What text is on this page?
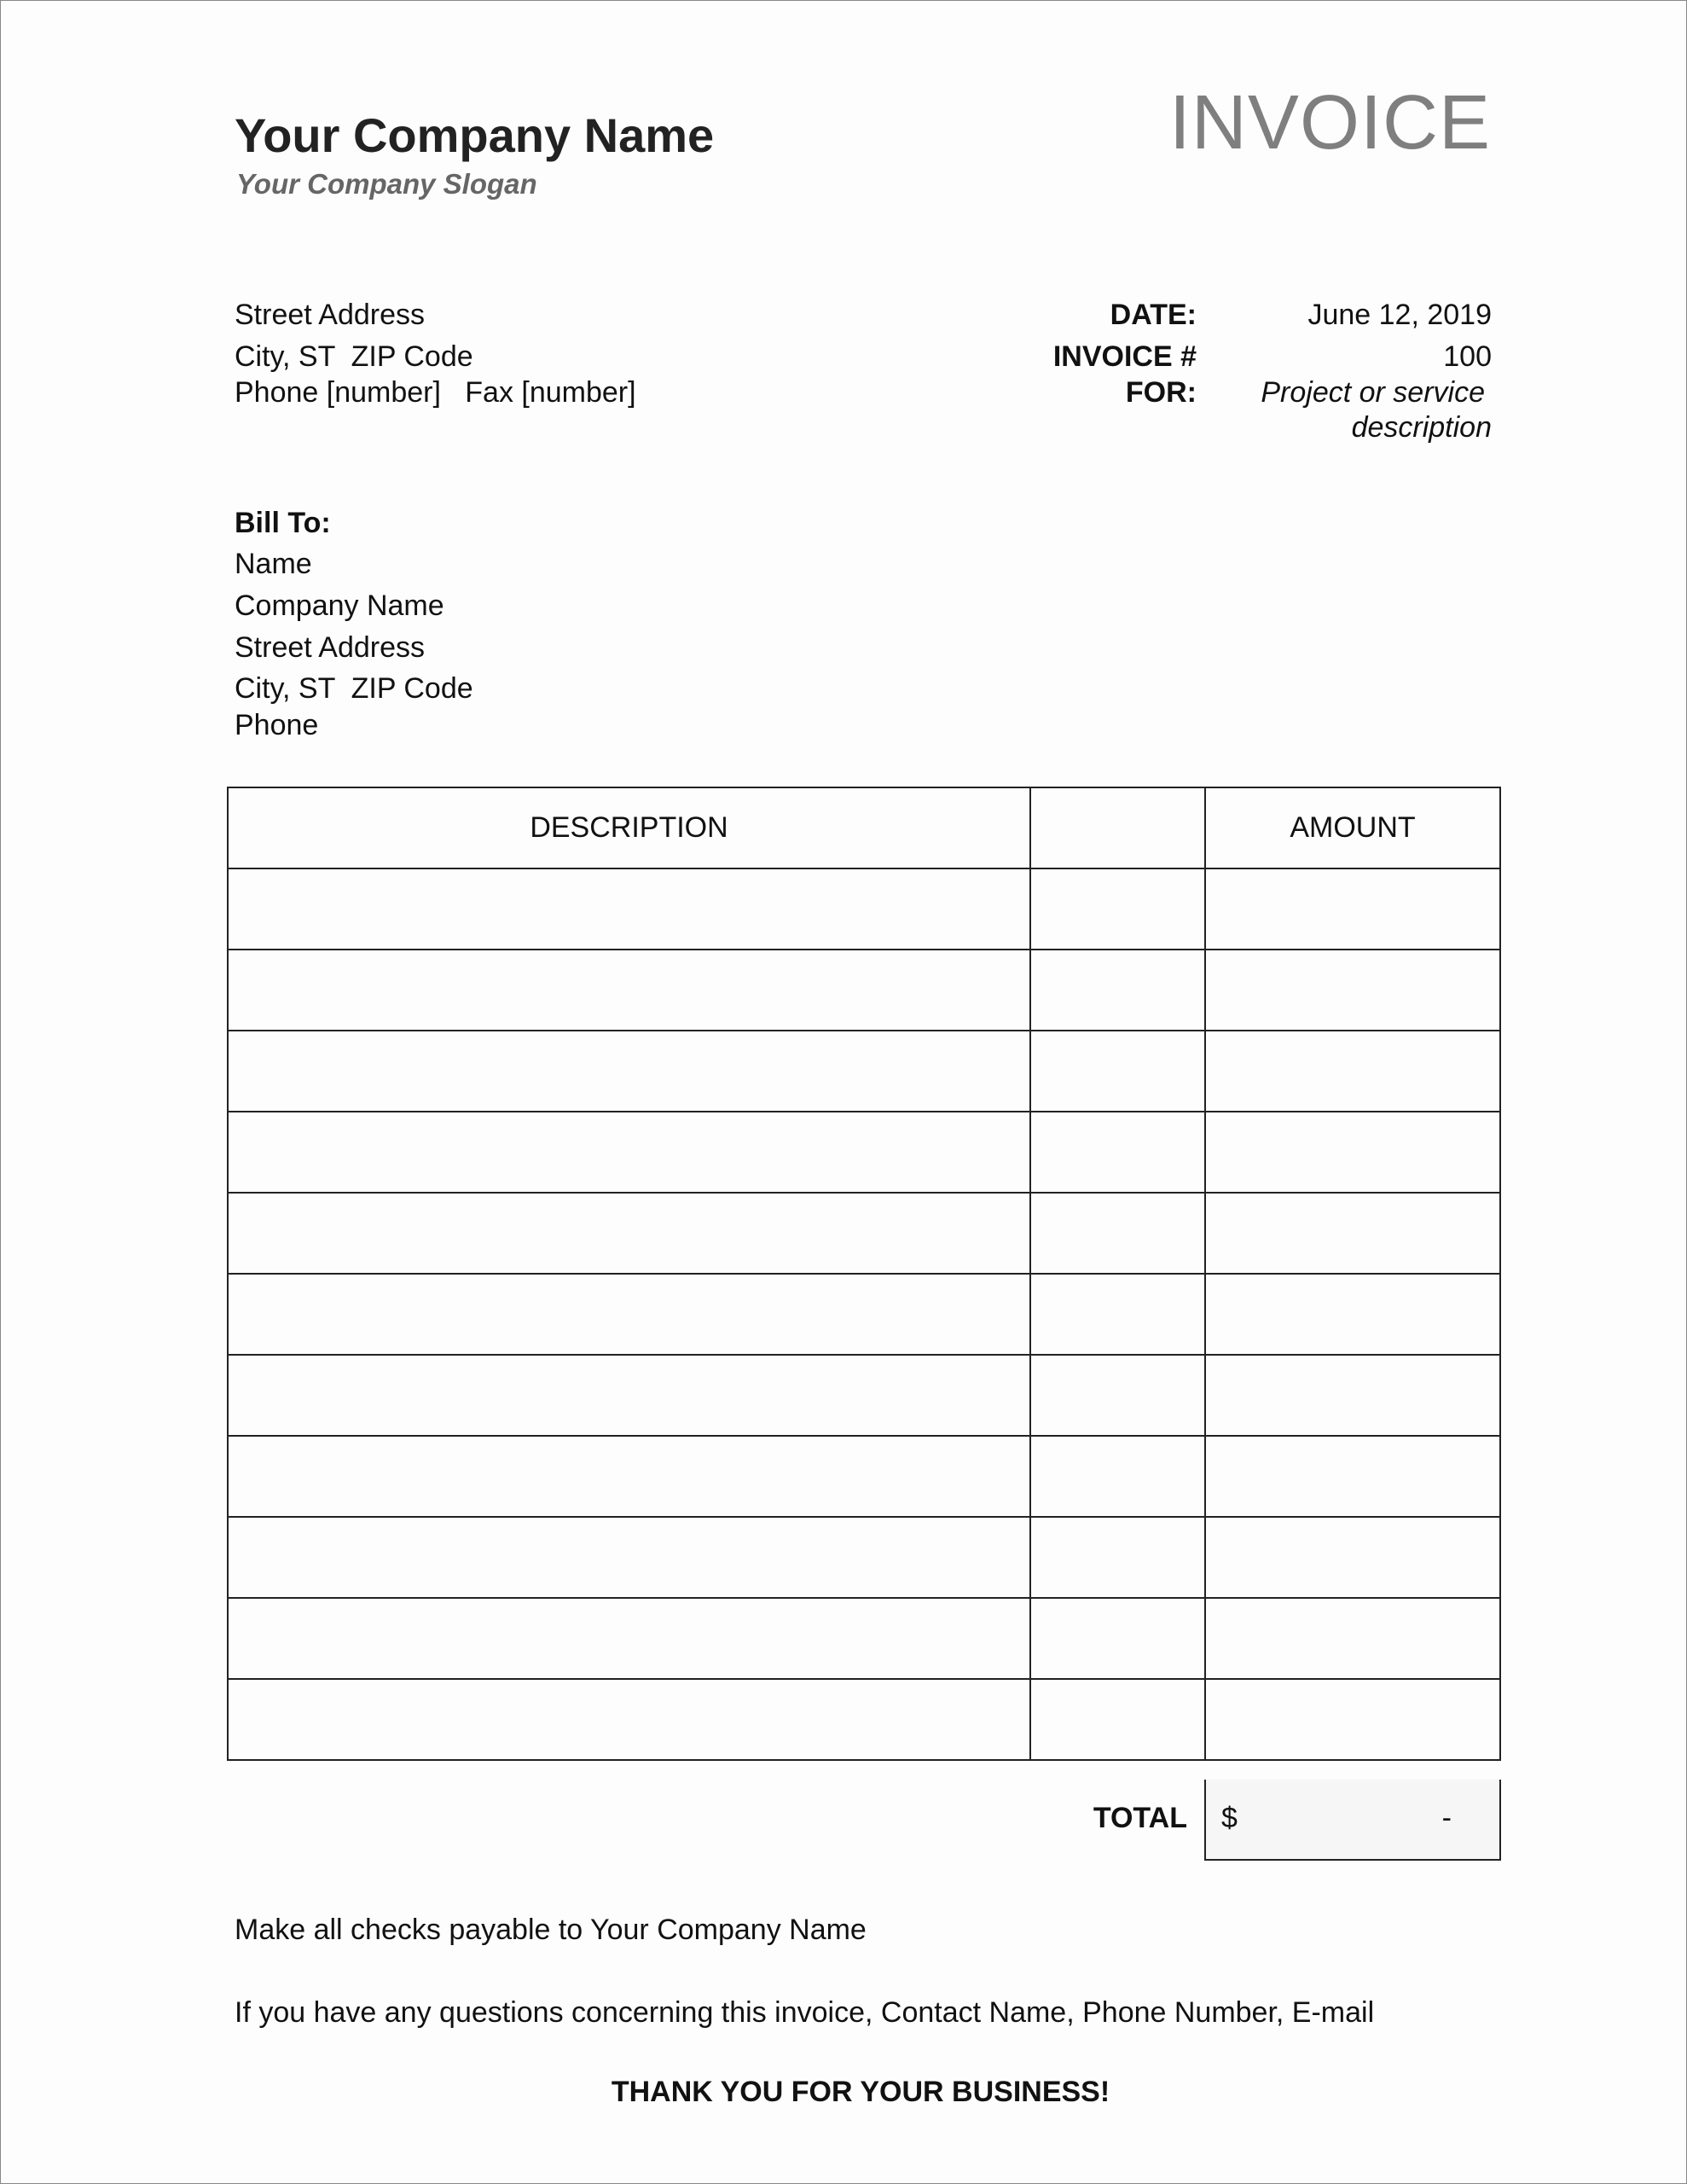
Your Company Name
Your Company Slogan
INVOICE
Street Address
City, ST  ZIP Code
Phone [number]   Fax [number]
DATE:	June 12, 2019
INVOICE #	100
FOR: Project or service
description
Bill To:
Name
Company Name
Street Address
City, ST  ZIP Code
Phone
DESCRIPTION		AMOUNT

TOTAL $	-
Make all checks payable to Your Company Name
If you have any questions concerning this invoice, Contact Name, Phone Number, E-mail
THANK YOU FOR YOUR BUSINESS!
